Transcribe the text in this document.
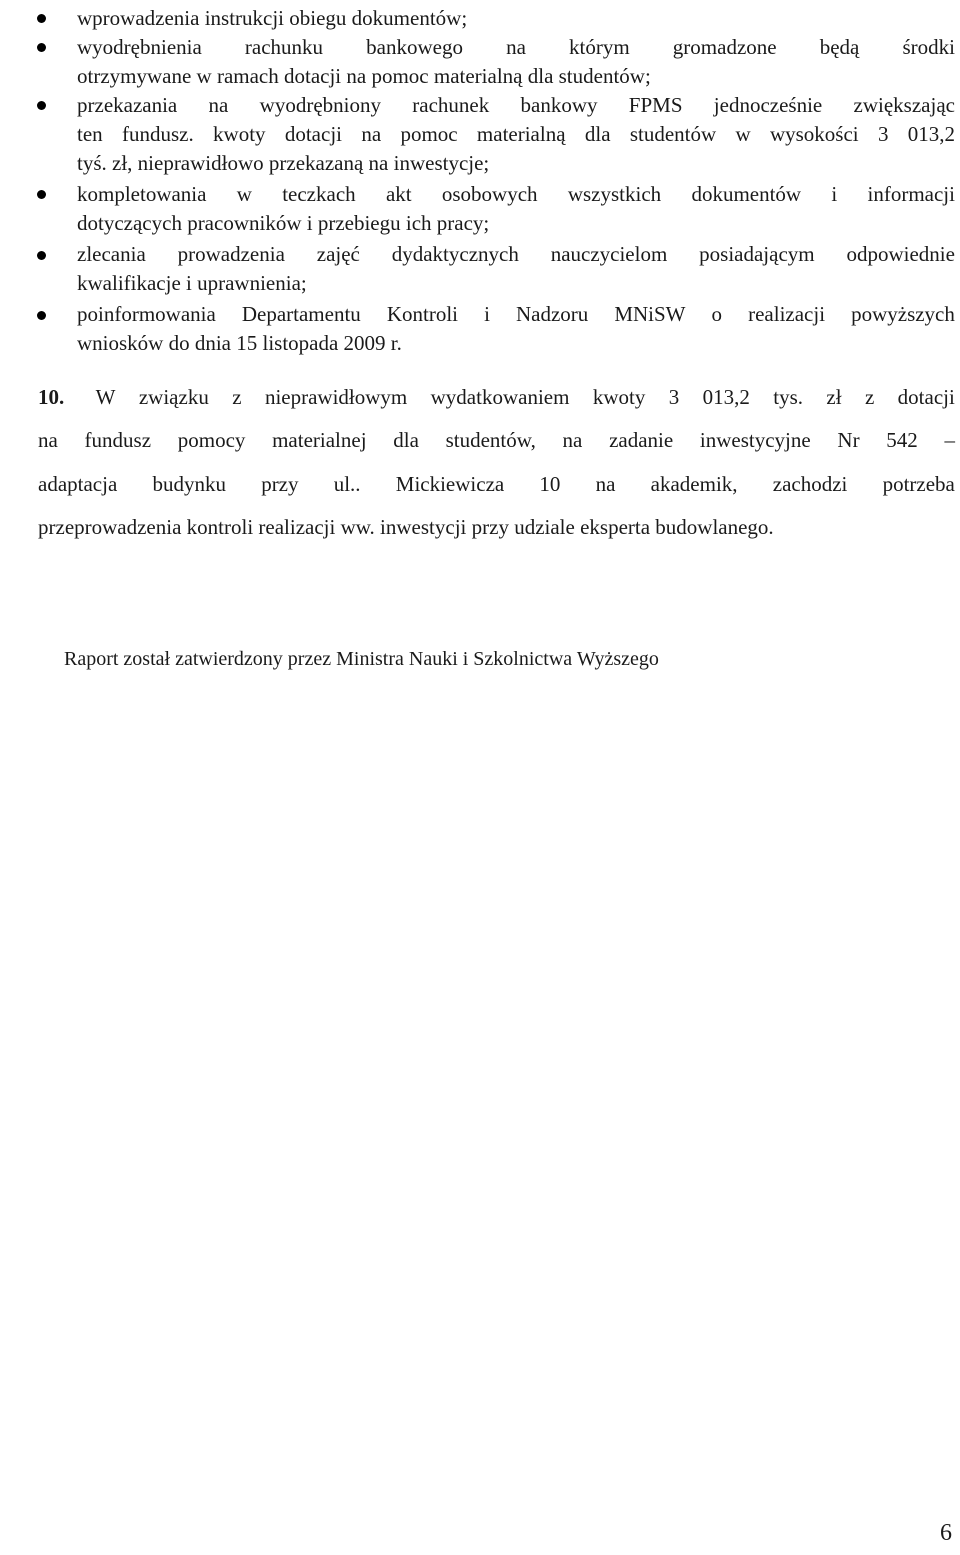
wprowadzenia instrukcji obiegu dokumentów;
wyodrębnienia rachunku bankowego na którym gromadzone będą środki
otrzymywane w ramach dotacji na pomoc materialną dla studentów;
przekazania na wyodrębniony rachunek bankowy FPMS jednocześnie zwiększając
ten fundusz. kwoty dotacji na pomoc materialną dla studentów w wysokości 3 013,2
tyś. zł, nieprawidłowo przekazaną na inwestycje;
kompletowania w teczkach akt osobowych wszystkich dokumentów i informacji
dotyczących pracowników i przebiegu ich pracy;
zlecania prowadzenia zajęć dydaktycznych nauczycielom posiadającym odpowiednie
kwalifikacje i uprawnienia;
poinformowania Departamentu Kontroli i Nadzoru MNiSW o realizacji powyższych
wniosków do dnia 15 listopada 2009 r.
10. W związku z nieprawidłowym wydatkowaniem kwoty 3 013,2 tys. zł z dotacji
na fundusz pomocy materialnej dla studentów, na zadanie inwestycyjne Nr 542 –
adaptacja budynku przy ul.. Mickiewicza 10 na akademik, zachodzi potrzeba
przeprowadzenia kontroli realizacji ww. inwestycji przy udziale eksperta budowlanego.
Raport został zatwierdzony przez Ministra Nauki i Szkolnictwa Wyższego
6
